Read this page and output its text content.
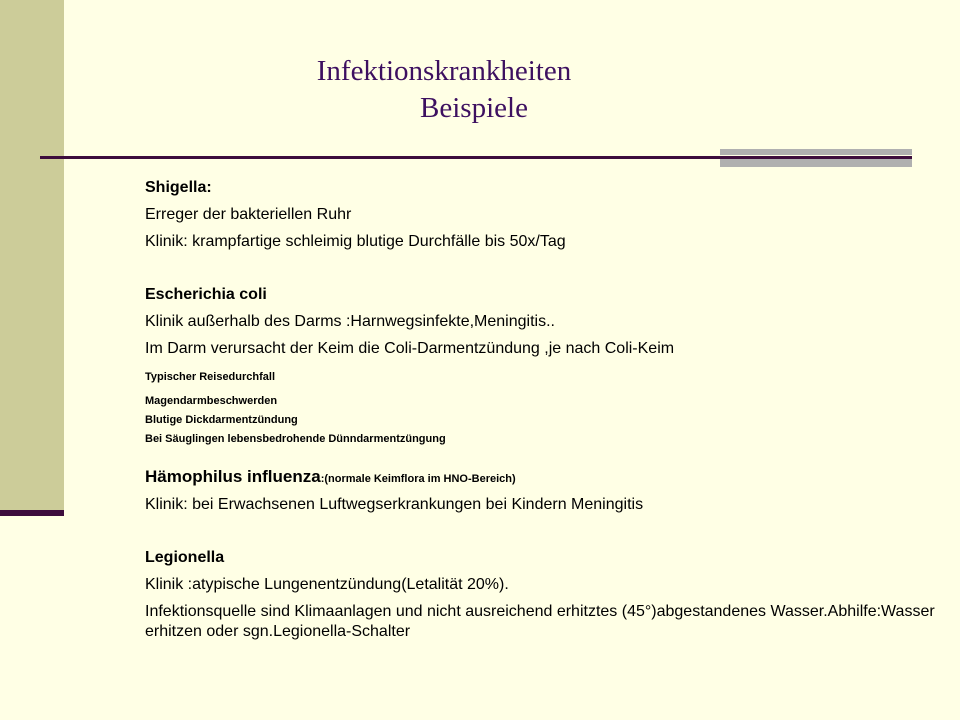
Infektionskrankheiten
Beispiele
Shigella:
Erreger der bakteriellen Ruhr
Klinik: krampfartige schleimig blutige Durchfälle bis 50x/Tag
Escherichia coli
Klinik außerhalb des Darms :Harnwegsinfekte,Meningitis..
Im Darm verursacht der Keim die Coli-Darmentzündung ,je nach Coli-Keim
Typischer Reisedurchfall
Magendarmbeschwerden
Blutige Dickdarmentzündung
Bei Säuglingen lebensbedrohende Dünndarmentzüngung
Hämophilus influenza:(normale Keimflora im HNO-Bereich)
Klinik: bei Erwachsenen Luftwegserkrankungen bei Kindern Meningitis
Legionella
Klinik :atypische Lungenentzündung(Letalität 20%).
Infektionsquelle sind Klimaanlagen und nicht ausreichend erhitztes (45°)abgestandenes Wasser.Abhilfe:Wasser erhitzen oder sgn.Legionella-Schalter
